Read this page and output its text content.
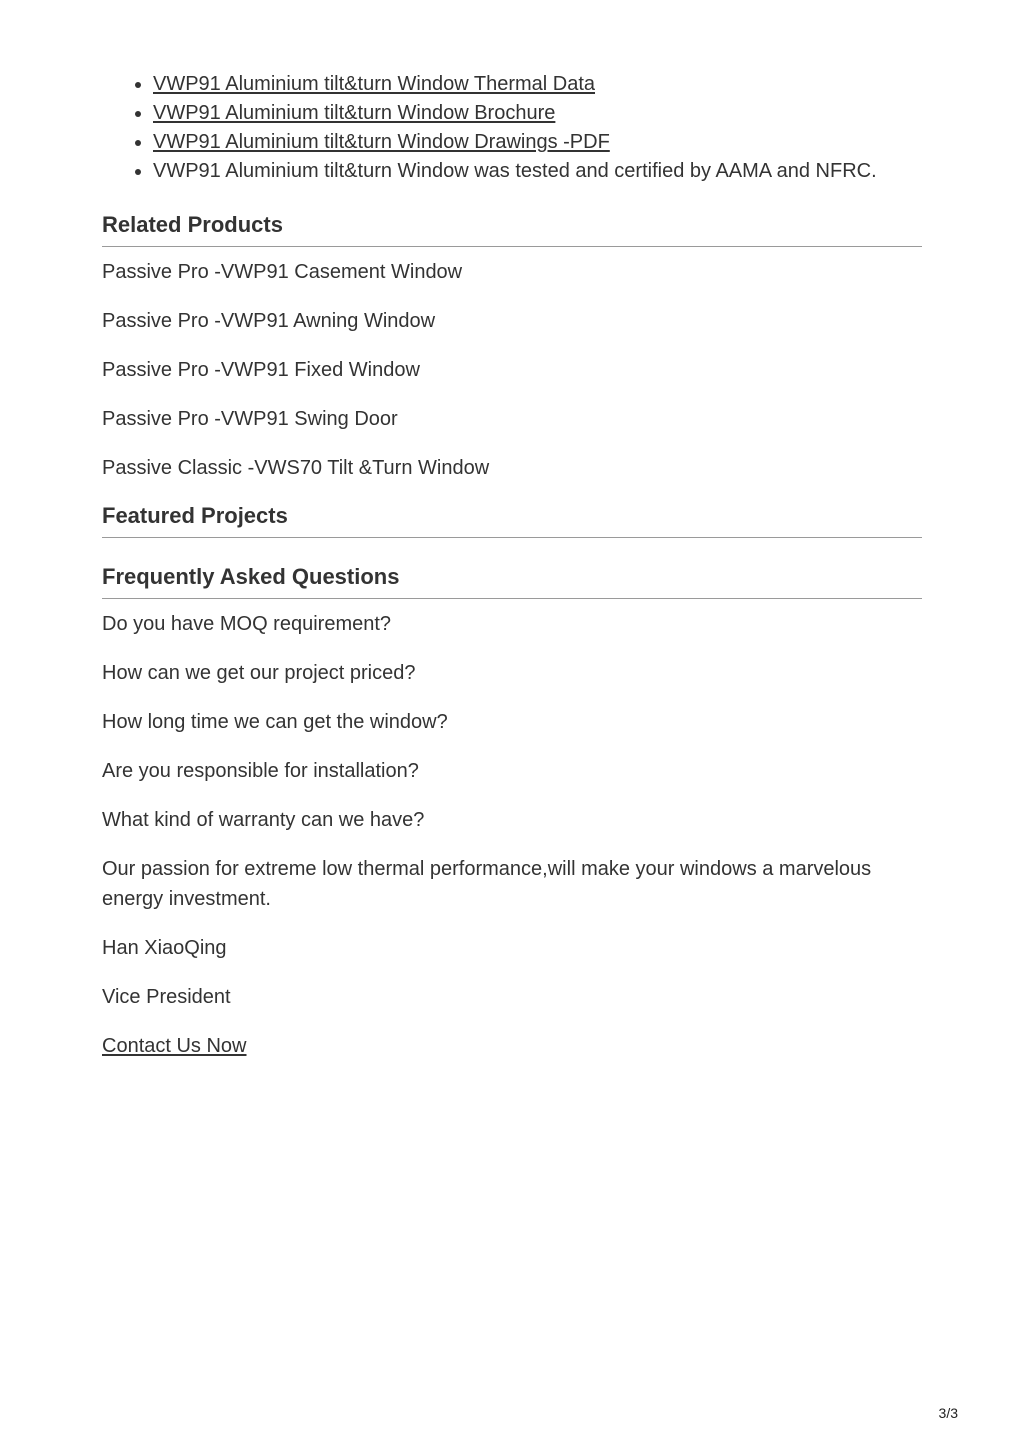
• VWP91 Aluminium tilt&turn Window Thermal Data
• VWP91 Aluminium tilt&turn Window Brochure
• VWP91 Aluminium tilt&turn Window Drawings -PDF
• VWP91 Aluminium tilt&turn Window was tested and certified by AAMA and NFRC.
Related Products

Passive Pro -VWP91 Casement Window

Passive Pro -VWP91 Awning Window

Passive Pro -VWP91 Fixed Window

Passive Pro -VWP91 Swing Door

Passive Classic -VWS70 Tilt &Turn Window

Featured Projects
Frequently Asked Questions

Do you have MOQ requirement?

How can we get our project priced?

How long time we can get the window?

Are you responsible for installation?

What kind of warranty can we have?

Our passion for extreme low thermal performance,will make your windows a marvelous energy investment.

Han XiaoQing

Vice President

Contact Us Now

3/3
